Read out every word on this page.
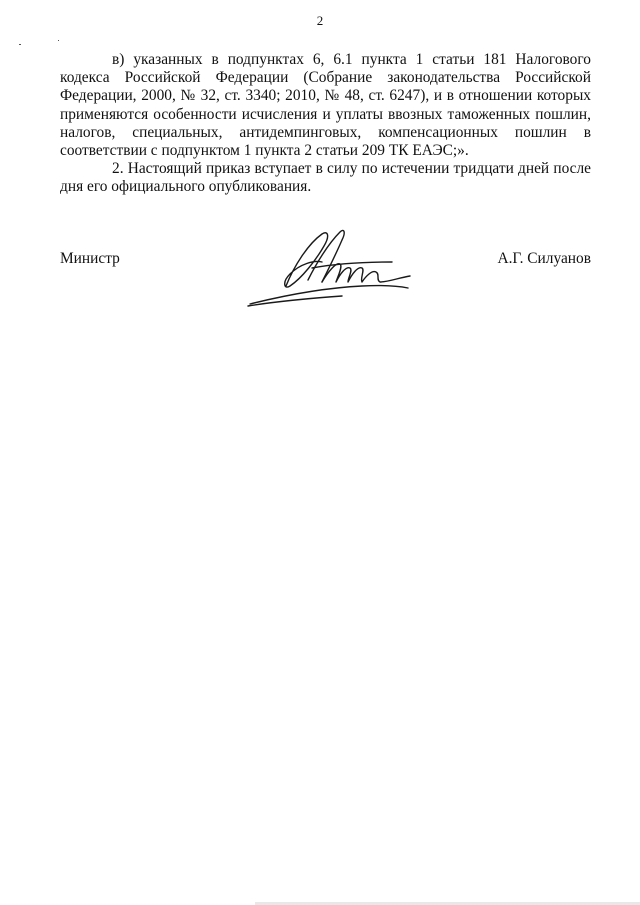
2

в) указанных в подпунктах 6, 6.1 пункта 1 статьи 181 Налогового кодекса Российской Федерации (Собрание законодательства Российской Федерации, 2000, № 32, ст. 3340; 2010, № 48, ст. 6247), и в отношении которых применяются особенности исчисления и уплаты ввозных таможенных пошлин, налогов, специальных, антидемпинговых, компенсационных пошлин в соответствии с подпунктом 1 пункта 2 статьи 209 ТК ЕАЭС;».

2. Настоящий приказ вступает в силу по истечении тридцати дней после дня его официального опубликования.

Министр	А.Г. Силуанов
